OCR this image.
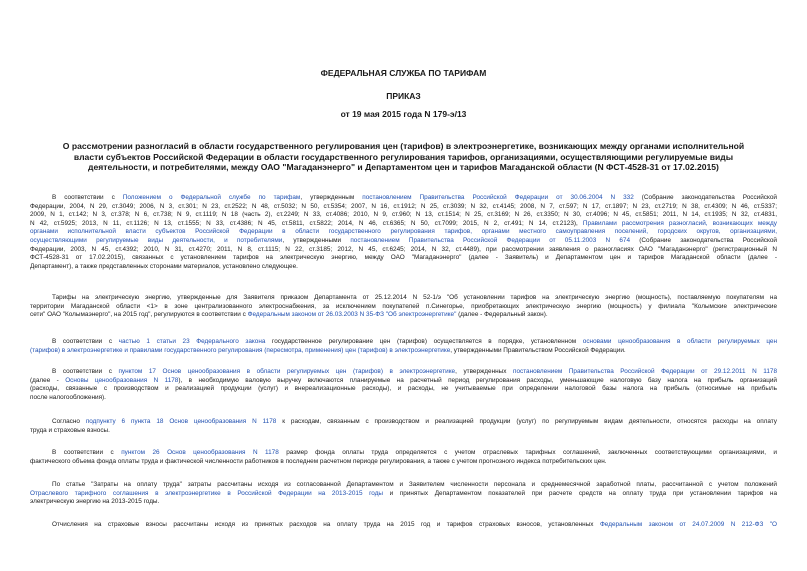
ФЕДЕРАЛЬНАЯ СЛУЖБА ПО ТАРИФАМ
ПРИКАЗ
от 19 мая 2015 года N 179-э/13
О рассмотрении разногласий в области государственного регулирования цен (тарифов) в электроэнергетике, возникающих между органами исполнительной
власти субъектов Российской Федерации в области государственного регулирования тарифов, организациями, осуществляющими регулируемые виды
деятельности, и потребителями, между ОАО "Магаданэнерго" и Департаментом цен и тарифов Магаданской области (N ФСТ-4528-31 от 17.02.2015)
В соответствии с Положением о Федеральной службе по тарифам, утвержденным постановлением Правительства Российской Федерации от 30.06.2004 N 332 (Собрание законодательства Российской
Федерации, 2004, N 29, ст.3049; 2006, N 3, ст.301; N 23, ст.2522; N 48, ст.5032; N 50, ст.5354; 2007, N 16, ст.1912; N 25, ст.3039; N 32, ст.4145; 2008, N 7, ст.597; N 17, ст.1897; N 23, ст.2719; N 38, ст.4309; N 46, ст.5337;
2009, N 1, ст.142; N 3, ст.378; N 6, ст.738; N 9, ст.1119; N 18 (часть 2), ст.2249; N 33, ст.4086; 2010, N 9, ст.960; N 13, ст.1514; N 25, ст.3169; N 26, ст.3350; N 30, ст.4096; N 45, ст.5851; 2011, N 14, ст.1935; N 32, ст.4831,
N 42, ст.5925; 2013, N 11, ст.1126; N 13, ст.1555; N 33, ст.4386; N 45, ст.5811, ст.5822; 2014, N 46, ст.6365; N 50, ст.7099; 2015, N 2, ст.491; N 14, ст.2123), Правилами рассмотрения разногласий, возникающих между
органами исполнительной власти субъектов Российской Федерации в области государственного регулирования тарифов, органами местного самоуправления поселений, городских округов, организациями,
осуществляющими регулируемые виды деятельности, и потребителями, утвержденными постановлением Правительства Российской Федерации от 05.11.2003 N 674 (Собрание законодательства Российской
Федерации, 2003, N 45, ст.4392; 2010, N 31, ст.4270; 2011, N 8, ст.1115; N 22, ст.3185; 2012, N 45, ст.6245; 2014, N 32, ст.4489), при рассмотрении заявления о разногласиях ОАО "Магаданэнерго" (регистрационный N
ФСТ-4528-31 от 17.02.2015), связанных с установлением тарифов на электрическую энергию, между ОАО "Магаданэнерго" (далее - Заявитель) и Департаментом цен и тарифов Магаданской области (далее -
Департамент), а также представленных сторонами материалов, установлено следующее.
Тарифы на электрическую энергию, утвержденные для Заявителя приказом Департамента от 25.12.2014 N 52-1/э "Об установлении тарифов на электрическую энергию (мощность), поставляемую покупателям на
территории Магаданской области <1> в зоне централизованного электроснабжения, за исключением покупателей п.Синегорье, приобретающих электрическую энергию (мощность) у филиала "Колымские электрические
сети" ОАО "Колымаэнерго", на 2015 год", регулируются в соответствии с Федеральным законом от 26.03.2003 N 35-ФЗ "Об электроэнергетике" (далее - Федеральный закон).
В соответствии с частью 1 статьи 23 Федерального закона государственное регулирование цен (тарифов) осуществляется в порядке, установленном основами ценообразования в области регулируемых цен
(тарифов) в электроэнергетике и правилами государственного регулирования (пересмотра, применения) цен (тарифов) в электроэнергетике, утвержденными Правительством Российской Федерации.
В соответствии с пунктом 17 Основ ценообразования в области регулируемых цен (тарифов) в электроэнергетике, утвержденных постановлением Правительства Российской Федерации от 29.12.2011 N 1178
(далее - Основы ценообразования N 1178), в необходимую валовую выручку включаются планируемые на расчетный период регулирования расходы, уменьшающие налоговую базу налога на прибыль организаций
(расходы, связанные с производством и реализацией продукции (услуг) и внереализационные расходы), и расходы, не учитываемые при определении налоговой базы налога на прибыль (относимые на прибыль
после налогообложения).
Согласно подпункту 6 пункта 18 Основ ценообразования N 1178 к расходам, связанным с производством и реализацией продукции (услуг) по регулируемым видам деятельности, относятся расходы на оплату
труда и страховые взносы.
В соответствии с пунктом 26 Основ ценообразования N 1178 размер фонда оплаты труда определяется с учетом отраслевых тарифных соглашений, заключенных соответствующими организациями, и
фактического объема фонда оплаты труда и фактической численности работников в последнем расчетном периоде регулирования, а также с учетом прогнозного индекса потребительских цен.
По статье "Затраты на оплату труда" затраты рассчитаны исходя из согласованной Департаментом и Заявителем численности персонала и среднемесячной заработной платы, рассчитанной с учетом положений
Отраслевого тарифного соглашения в электроэнергетике в Российской Федерации на 2013-2015 годы и принятых Департаментом показателей при расчете средств на оплату труда при установлении тарифов на
электрическую энергию на 2013-2015 годы.
Отчисления на страховые взносы рассчитаны исходя из принятых расходов на оплату труда на 2015 год и тарифов страховых взносов, установленных Федеральным законом от 24.07.2009 N 212-ФЗ "О
